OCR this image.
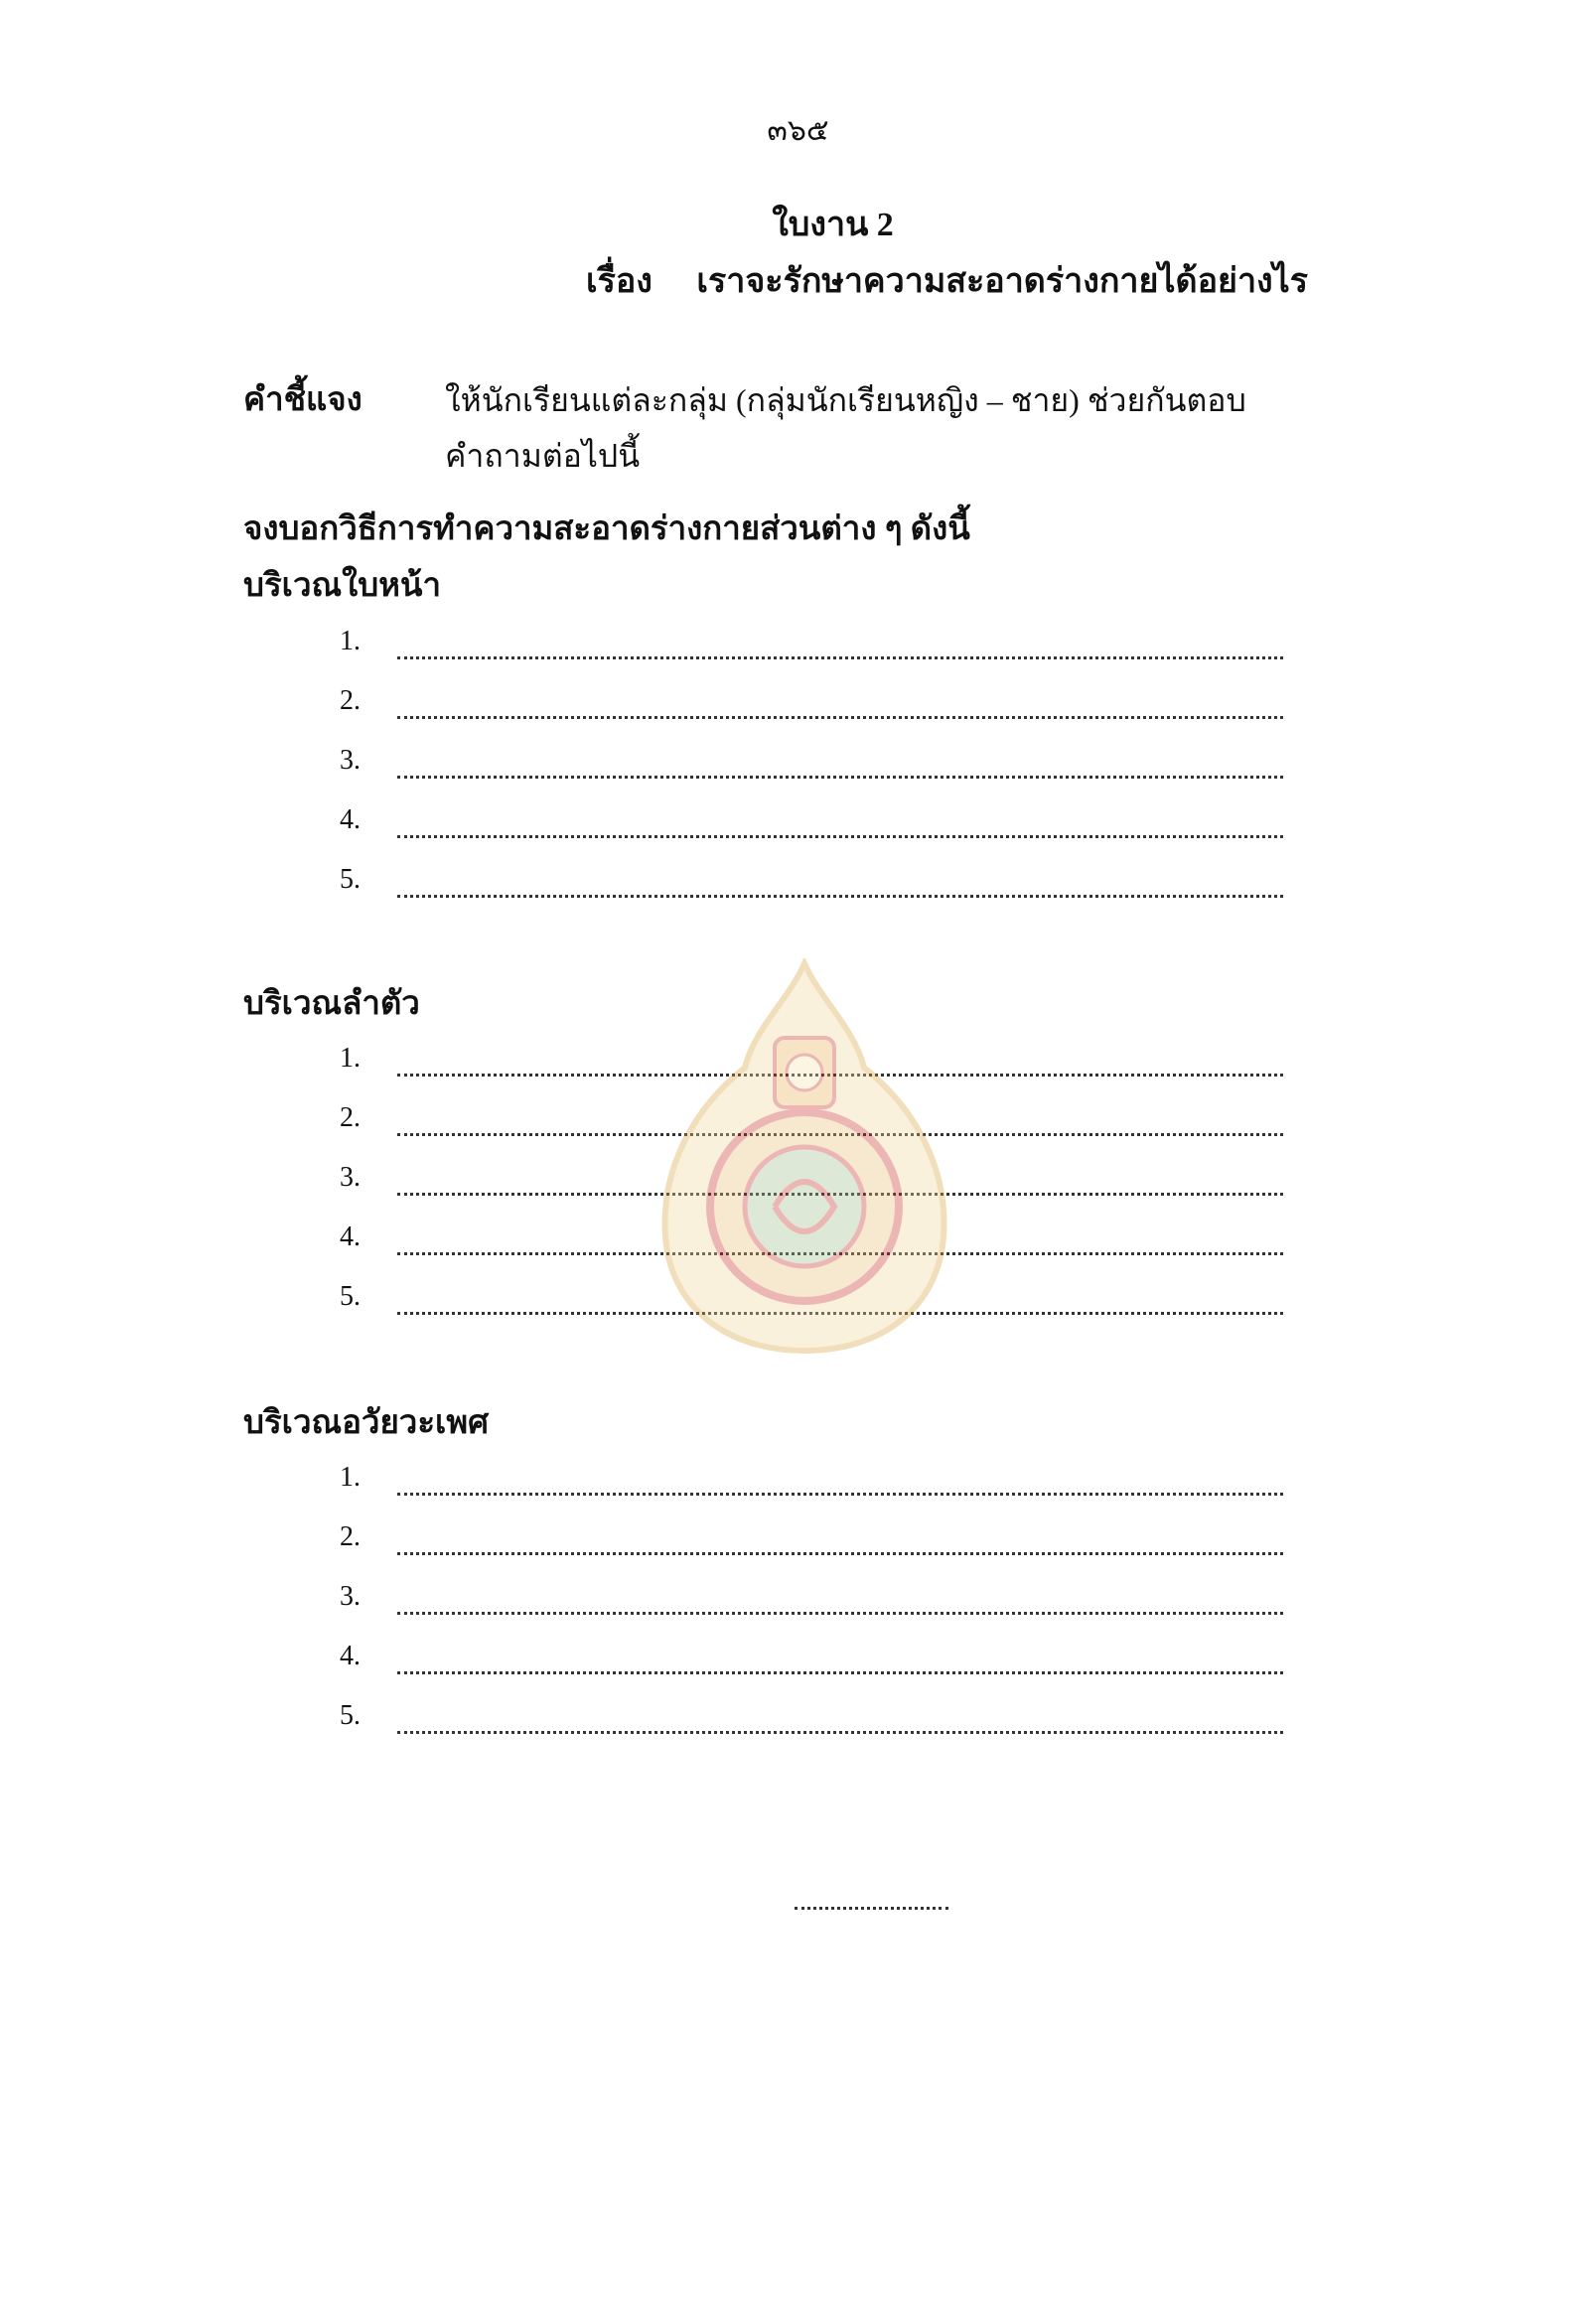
๓๖๕
ใบงาน 2
เรื่อง เราจะรักษาความสะอาดร่างกายได้อย่างไร
คำชี้แจง	ให้นักเรียนแต่ละกลุ่ม (กลุ่มนักเรียนหญิง – ชาย) ช่วยกันตอบคำถามต่อไปนี้
จงบอกวิธีการทำความสะอาดร่างกายส่วนต่าง ๆ ดังนี้
บริเวณใบหน้า
1.
2.
3.
4.
5.
บริเวณลำตัว
1.
2.
3.
4.
5.
บริเวณอวัยวะเพศ
1.
2.
3.
4.
5.
